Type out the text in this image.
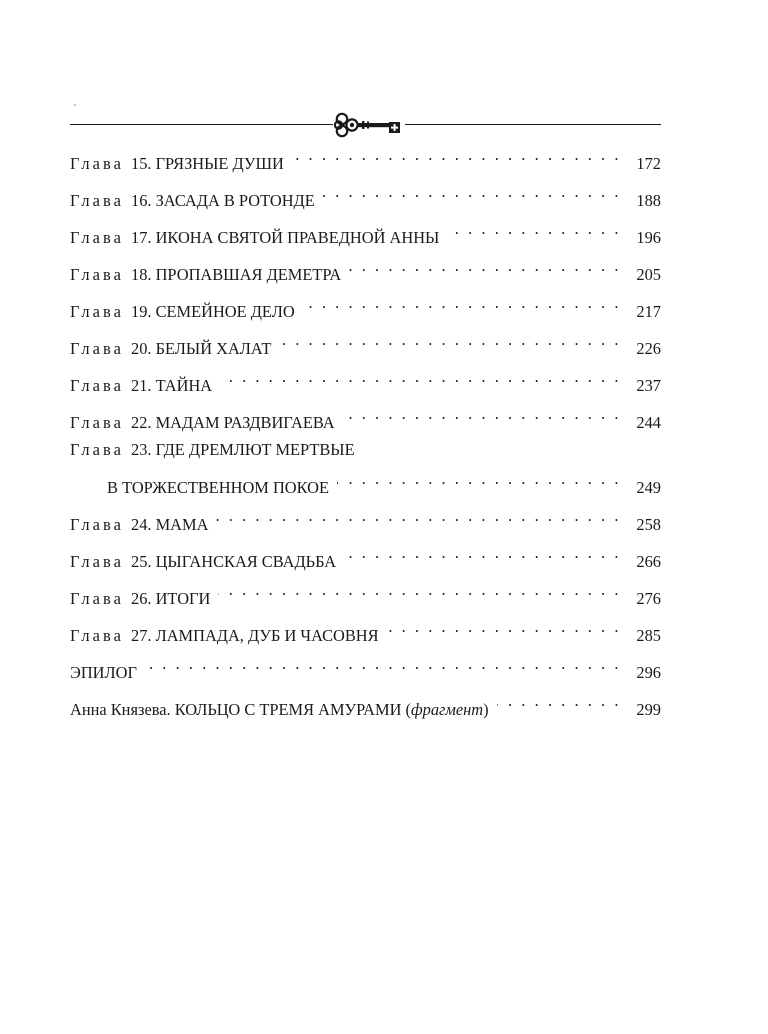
Глава 15. ГРЯЗНЫЕ ДУШИ . . .	172
Глава 16. ЗАСАДА В РОТОНДЕ . . .	188
Глава 17. ИКОНА СВЯТОЙ ПРАВЕДНОЙ АННЫ . . .	196
Глава 18. ПРОПАВШАЯ ДЕМЕТРА . . .	205
Глава 19. СЕМЕЙНОЕ ДЕЛО . . .	217
Глава 20. БЕЛЫЙ ХАЛАТ . . .	226
Глава 21. ТАЙНА . . .	237
Глава 22. МАДАМ РАЗДВИГАЕВА . . .	244
Глава 23. ГДЕ ДРЕМЛЮТ МЕРТВЫЕ
В ТОРЖЕСТВЕННОМ ПОКОЕ . . .	249
Глава 24. МАМА . . .	258
Глава 25. ЦЫГАНСКАЯ СВАДЬБА . . .	266
Глава 26. ИТОГИ . . .	276
Глава 27. ЛАМПАДА, ДУБ И ЧАСОВНЯ . . .	285
ЭПИЛОГ . . .	296
Анна Князева. КОЛЬЦО С ТРЕМЯ АМУРАМИ (фрагмент) . . .	299
